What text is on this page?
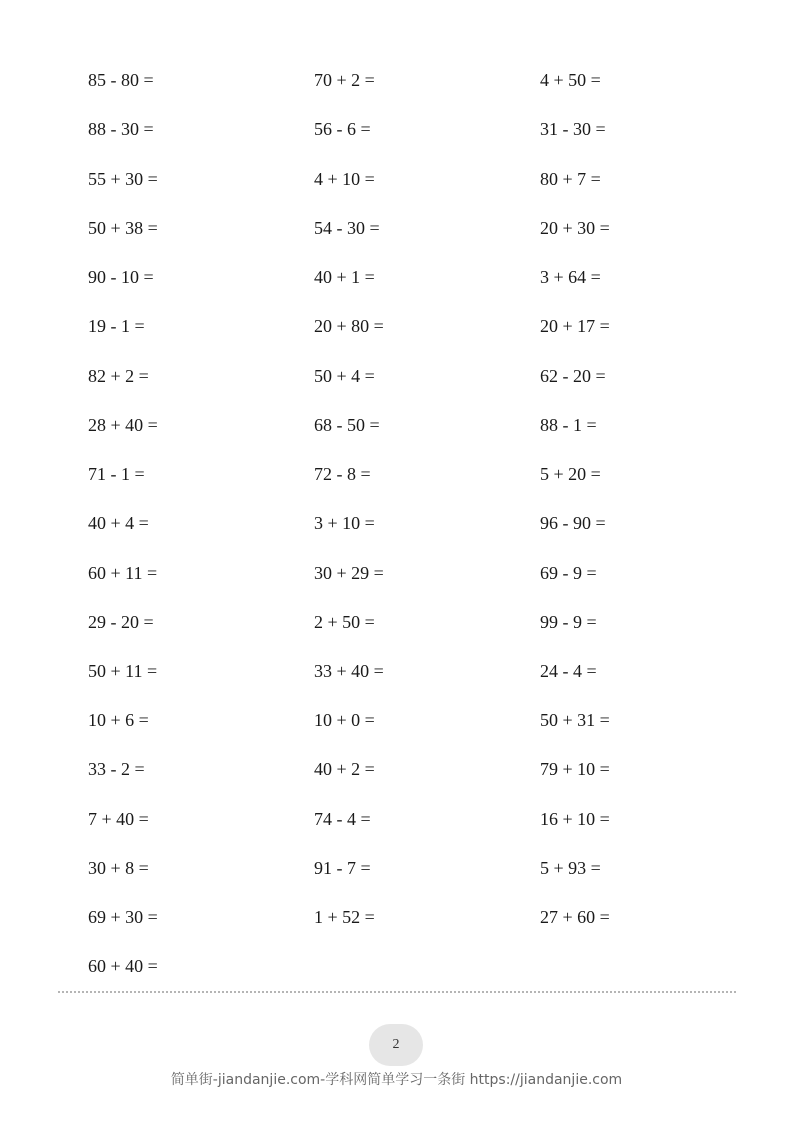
85 - 80 =
88 - 30 =
55 + 30 =
50 + 38 =
90 - 10 =
19 - 1 =
82 + 2 =
28 + 40 =
71 - 1 =
40 + 4 =
60 + 11 =
29 - 20 =
50 + 11 =
10 + 6 =
33 - 2 =
7 + 40 =
30 + 8 =
69 + 30 =
60 + 40 =
70 + 2 =
56 - 6 =
4 + 10 =
54 - 30 =
40 + 1 =
20 + 80 =
50 + 4 =
68 - 50 =
72 - 8 =
3 + 10 =
30 + 29 =
2 + 50 =
33 + 40 =
10 + 0 =
40 + 2 =
74 - 4 =
91 - 7 =
1 + 52 =
4 + 50 =
31 - 30 =
80 + 7 =
20 + 30 =
3 + 64 =
20 + 17 =
62 - 20 =
88 - 1 =
5 + 20 =
96 - 90 =
69 - 9 =
99 - 9 =
24 - 4 =
50 + 31 =
79 + 10 =
16 + 10 =
5 + 93 =
27 + 60 =
2
简单街-jiandanjie.com-学科网简单学习一条街 https://jiandanjie.com
